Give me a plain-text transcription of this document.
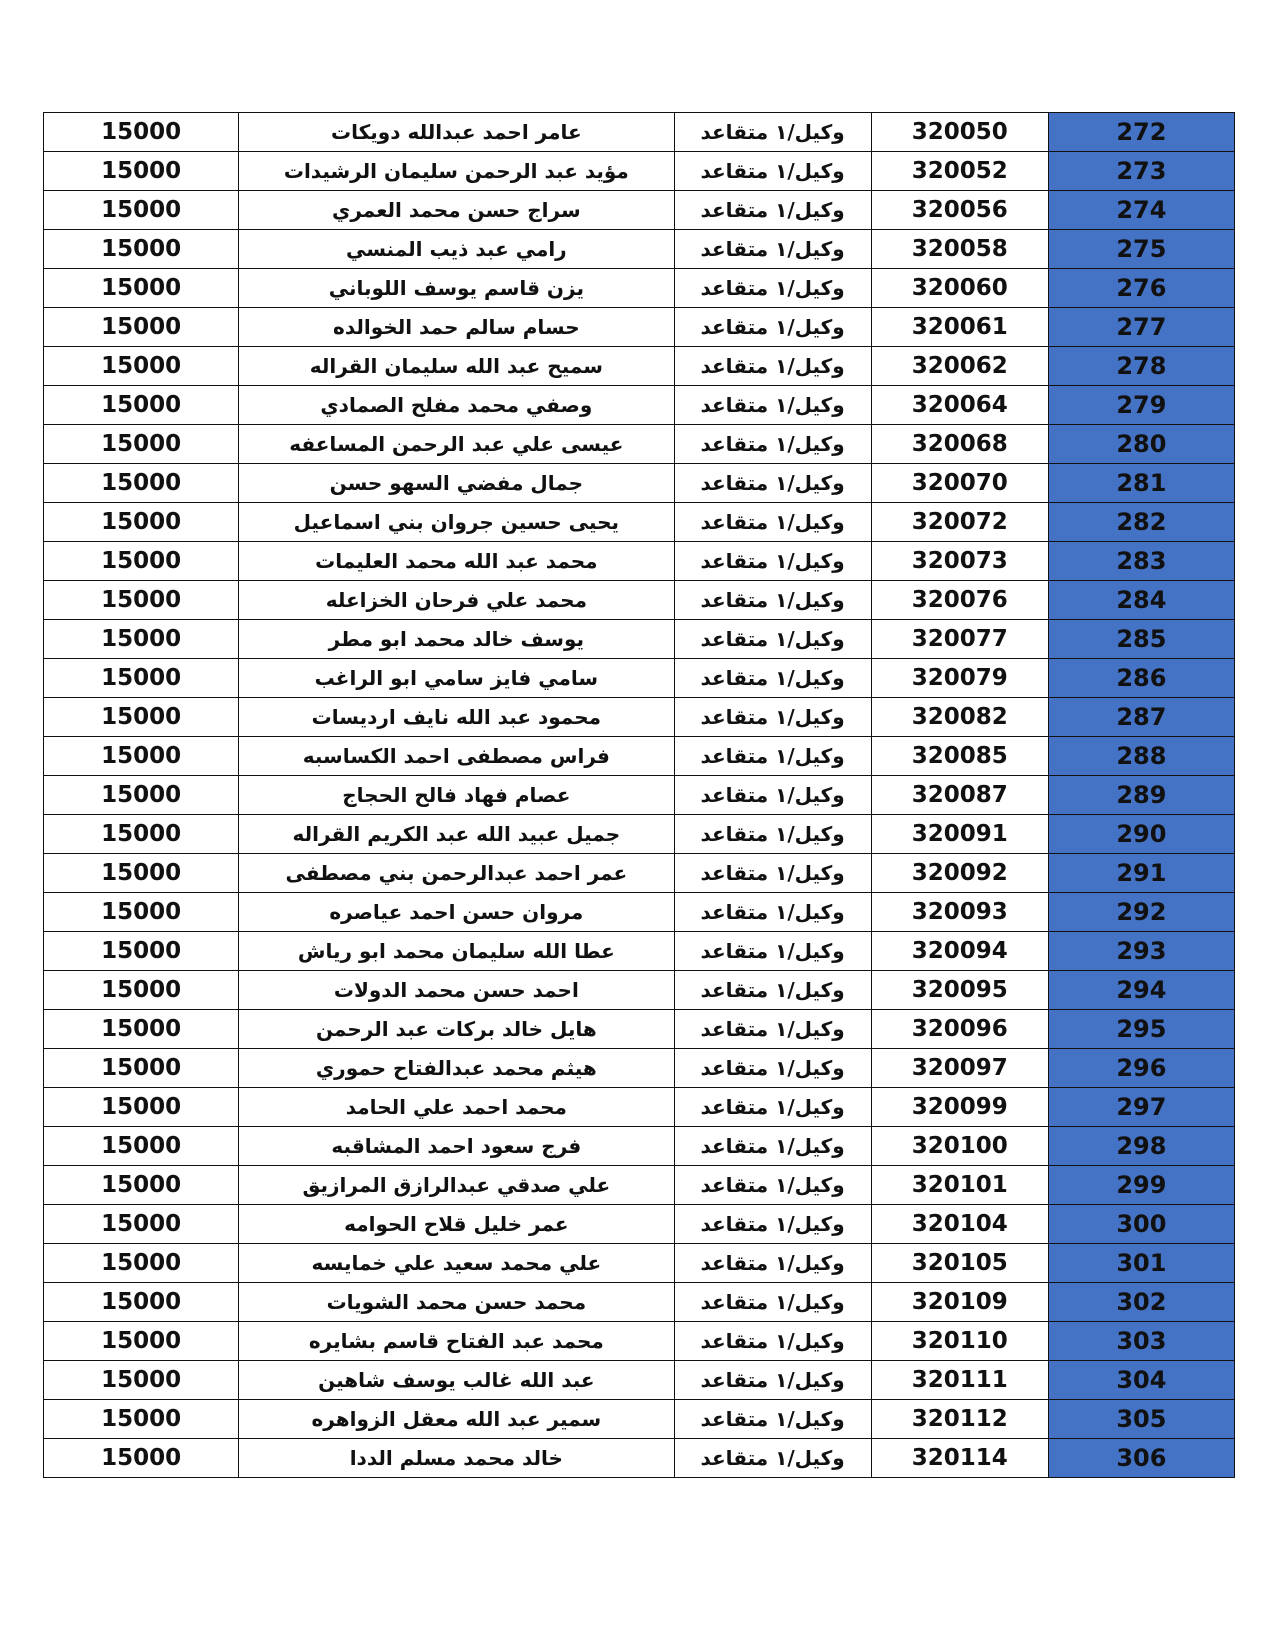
15000	عامر احمد عبدالله دويكات	وكيل/١ متقاعد	320050	272
15000	مؤيد عبد الرحمن سليمان الرشيدات	وكيل/١ متقاعد	320052	273
15000	سراج حسن محمد العمري	وكيل/١ متقاعد	320056	274
15000	رامي عبد ذيب المنسي	وكيل/١ متقاعد	320058	275
15000	يزن قاسم يوسف اللوباني	وكيل/١ متقاعد	320060	276
15000	حسام سالم حمد الخوالده	وكيل/١ متقاعد	320061	277
15000	سميح عبد الله سليمان القراله	وكيل/١ متقاعد	320062	278
15000	وصفي محمد مفلح الصمادي	وكيل/١ متقاعد	320064	279
15000	عيسى علي عبد الرحمن المساعفه	وكيل/١ متقاعد	320068	280
15000	جمال مفضي السهو حسن	وكيل/١ متقاعد	320070	281
15000	يحيى حسين جروان بني اسماعيل	وكيل/١ متقاعد	320072	282
15000	محمد عبد الله محمد العليمات	وكيل/١ متقاعد	320073	283
15000	محمد علي فرحان الخزاعله	وكيل/١ متقاعد	320076	284
15000	يوسف خالد محمد ابو مطر	وكيل/١ متقاعد	320077	285
15000	سامي فايز سامي ابو الراغب	وكيل/١ متقاعد	320079	286
15000	محمود عبد الله نايف ارديسات	وكيل/١ متقاعد	320082	287
15000	فراس مصطفى احمد الكساسبه	وكيل/١ متقاعد	320085	288
15000	عصام فهاد فالح الحجاج	وكيل/١ متقاعد	320087	289
15000	جميل عبيد الله عبد الكريم القراله	وكيل/١ متقاعد	320091	290
15000	عمر احمد عبدالرحمن بني مصطفى	وكيل/١ متقاعد	320092	291
15000	مروان حسن احمد عياصره	وكيل/١ متقاعد	320093	292
15000	عطا الله سليمان محمد ابو رياش	وكيل/١ متقاعد	320094	293
15000	احمد حسن محمد الدولات	وكيل/١ متقاعد	320095	294
15000	هايل خالد بركات عبد الرحمن	وكيل/١ متقاعد	320096	295
15000	هيثم محمد عبدالفتاح حموري	وكيل/١ متقاعد	320097	296
15000	محمد احمد علي الحامد	وكيل/١ متقاعد	320099	297
15000	فرج سعود احمد المشاقبه	وكيل/١ متقاعد	320100	298
15000	علي صدقي عبدالرازق المرازيق	وكيل/١ متقاعد	320101	299
15000	عمر خليل قلاح الحوامه	وكيل/١ متقاعد	320104	300
15000	علي محمد سعيد علي خمايسه	وكيل/١ متقاعد	320105	301
15000	محمد حسن محمد الشويات	وكيل/١ متقاعد	320109	302
15000	محمد عبد الفتاح قاسم بشايره	وكيل/١ متقاعد	320110	303
15000	عبد الله غالب يوسف شاهين	وكيل/١ متقاعد	320111	304
15000	سمير عبد الله معقل الزواهره	وكيل/١ متقاعد	320112	305
15000	خالد محمد مسلم الددا	وكيل/١ متقاعد	320114	306
